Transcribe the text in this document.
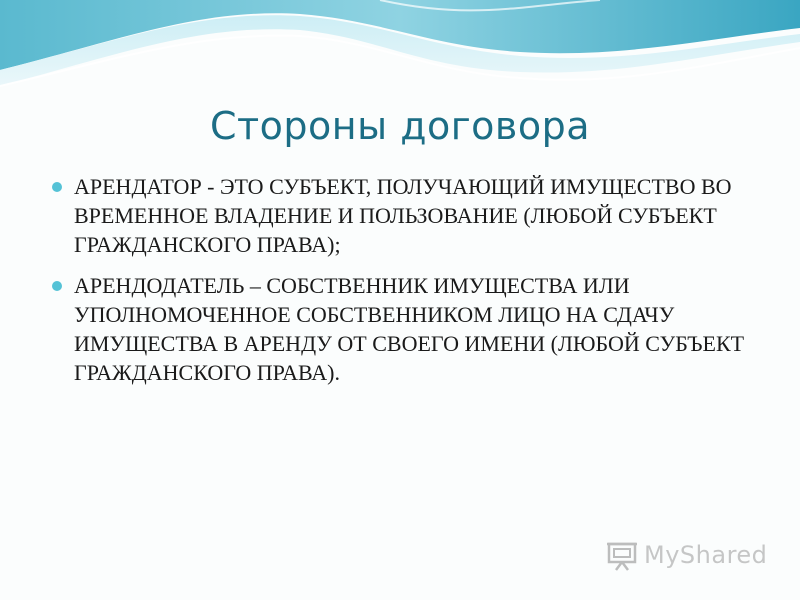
Стороны договора
АРЕНДАТОР - ЭТО СУБЪЕКТ, ПОЛУЧАЮЩИЙ ИМУЩЕСТВО ВО ВРЕМЕННОЕ ВЛАДЕНИЕ И ПОЛЬЗОВАНИЕ (ЛЮБОЙ СУБЪЕКТ ГРАЖДАНСКОГО ПРАВА);
АРЕНДОДАТЕЛЬ – СОБСТВЕННИК ИМУЩЕСТВА ИЛИ УПОЛНОМОЧЕННОЕ СОБСТВЕННИКОМ ЛИЦО НА СДАЧУ ИМУЩЕСТВА В АРЕНДУ ОТ СВОЕГО ИМЕНИ (ЛЮБОЙ СУБЪЕКТ ГРАЖДАНСКОГО ПРАВА).
MyShared
